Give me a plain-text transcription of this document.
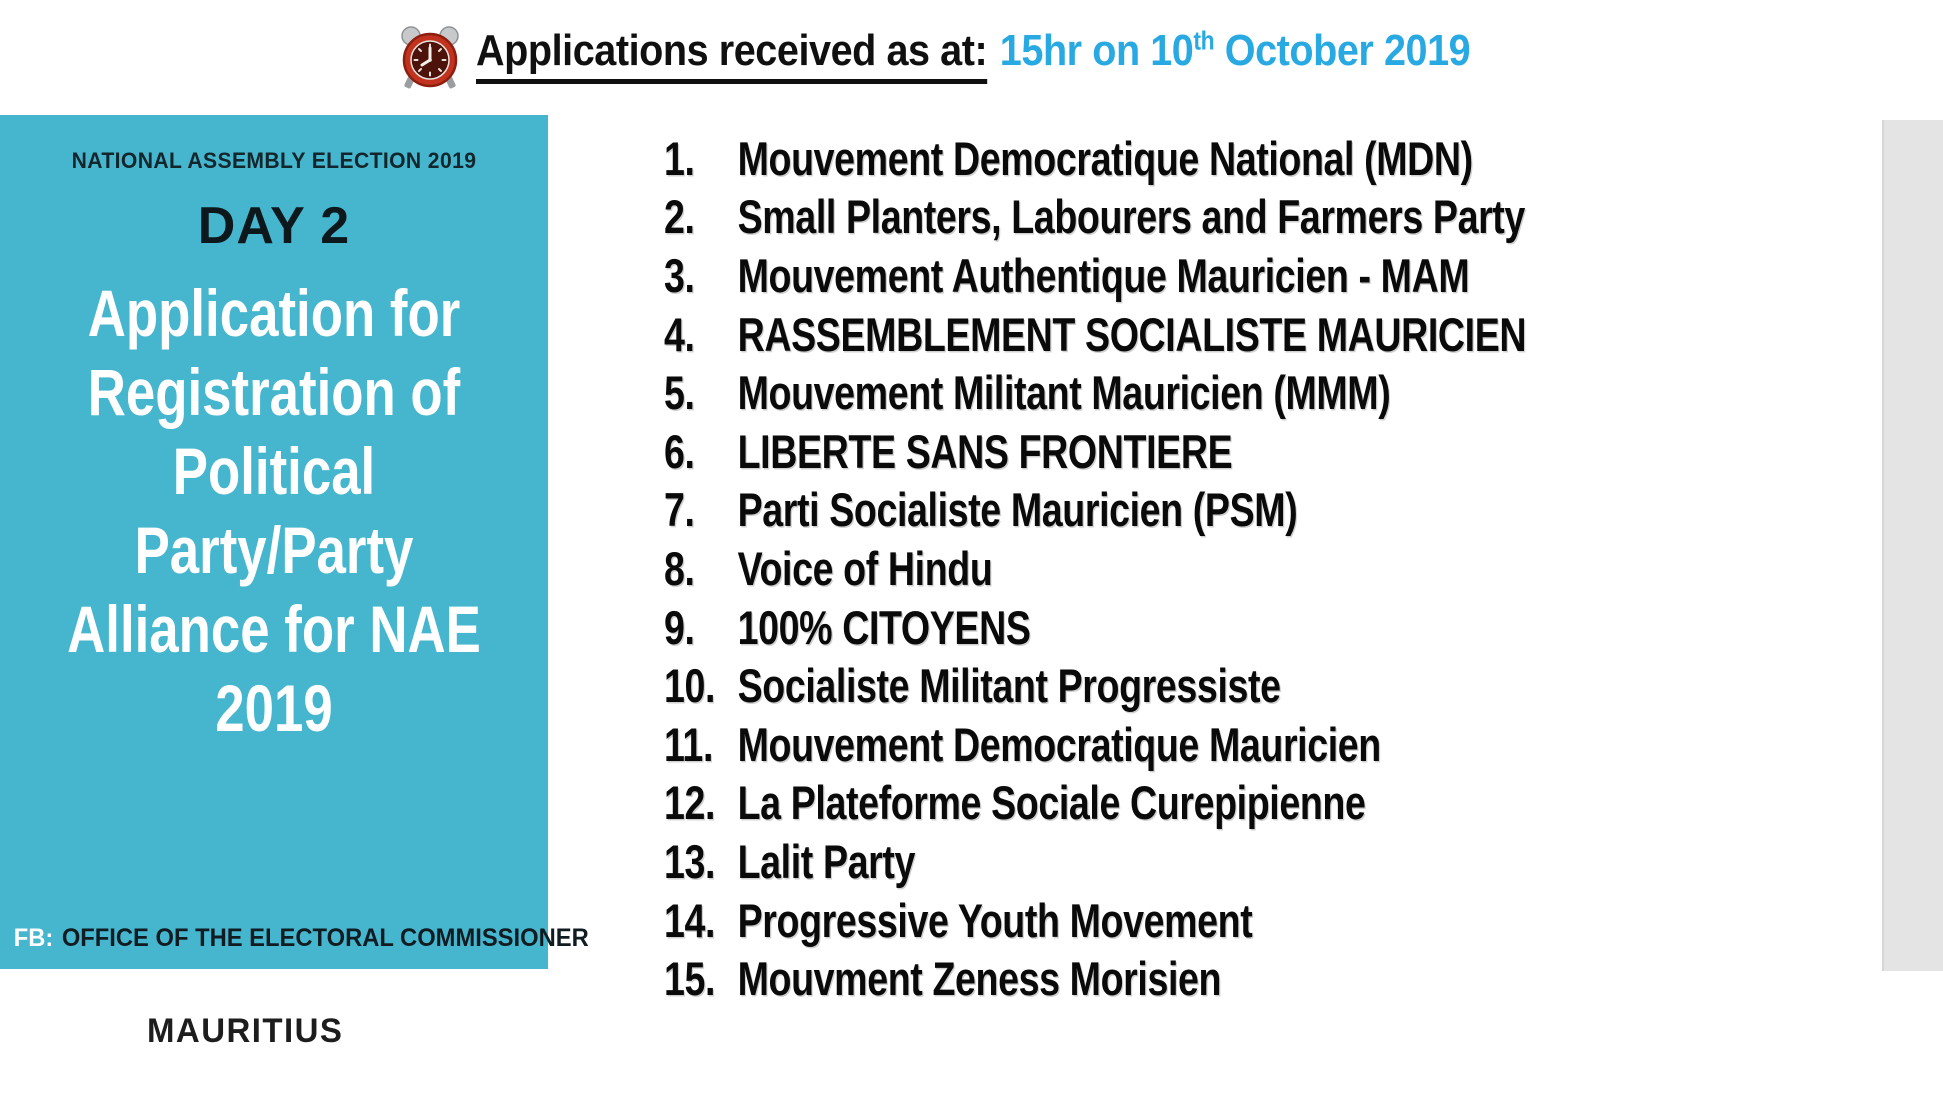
Applications received as at: 15hr on 10th October 2019
NATIONAL ASSEMBLY ELECTION 2019
DAY 2
Application for
Registration of
Political
Party/Party
Alliance for NAE
2019
FB: OFFICE OF THE ELECTORAL COMMISSIONER
MAURITIUS
1. Mouvement Democratique National (MDN)
2. Small Planters, Labourers and Farmers Party
3. Mouvement Authentique Mauricien - MAM
4. RASSEMBLEMENT SOCIALISTE MAURICIEN
5. Mouvement Militant Mauricien (MMM)
6. LIBERTE SANS FRONTIERE
7. Parti Socialiste Mauricien (PSM)
8. Voice of Hindu
9. 100% CITOYENS
10. Socialiste Militant Progressiste
11. Mouvement Democratique Mauricien
12. La Plateforme Sociale Curepipienne
13. Lalit Party
14. Progressive Youth Movement
15. Mouvment Zeness Morisien
